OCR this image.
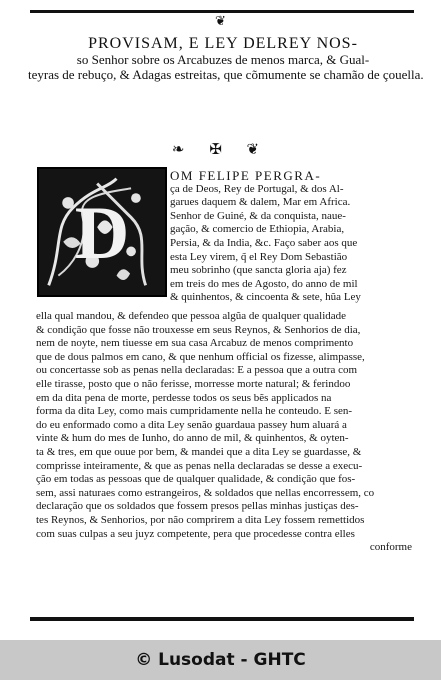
❦
PROVISAM, E LEY DELREY NOS-
so Senhor sobre os Arcabuzes de menos marca, & Gual-
teyras de rebuço, & Adagas estreitas, que cõmumente se chamão de çouella.
❧ ✠ ❦
D
OM FELIPE PERGRA-
ça de Deos, Rey de Portugal, & dos Al-
garues daquem & dalem, Mar em Africa.
Senhor de Guiné, & da conquista, naue-
gação, & comercio de Ethiopia, Arabia,
Persia, & da India, &c. Faço saber aos que
esta Ley virem, q̃ el Rey Dom Sebastião
meu sobrinho (que sancta gloria aja) fez
em treis do mes de Agosto, do anno de mil
& quinhentos, & cincoenta & sete, hũa Ley
ella qual mandou, & defendeo que pessoa algũa de qualquer qualidade
& condição que fosse não trouxesse em seus Reynos, & Senhorios de dia,
nem de noyte, nem tiuesse em sua casa Arcabuz de menos comprimento
que de dous palmos em cano, & que nenhum official os fizesse, alimpasse,
ou concertasse sob as penas nella declaradas: E a pessoa que a outra com
elle tirasse, posto que o não ferisse, morresse morte natural; & ferindoo
em da dita pena de morte, perdesse todos os seus bẽs applicados na
forma da dita Ley, como mais cumpridamente nella he conteudo. E sen-
do eu enformado como a dita Ley senão guardaua passey hum aluará a
vinte & hum do mes de Iunho, do anno de mil, & quinhentos, & oyten-
ta & tres, em que ouue por bem, & mandei que a dita Ley se guardasse, &
comprisse inteiramente, & que as penas nella declaradas se desse a execu-
ção em todas as pessoas que de qualquer qualidade, & condição que fos-
sem, assi naturaes como estrangeiros, & soldados que nellas encorressem, co
declaração que os soldados que fossem presos pellas minhas justiças des-
tes Reynos, & Senhorios, por não comprirem a dita Ley fossem remettidos
com suas culpas a seu juyz competente, pera que procedesse contra elles
conforme
© Lusodat - GHTC
